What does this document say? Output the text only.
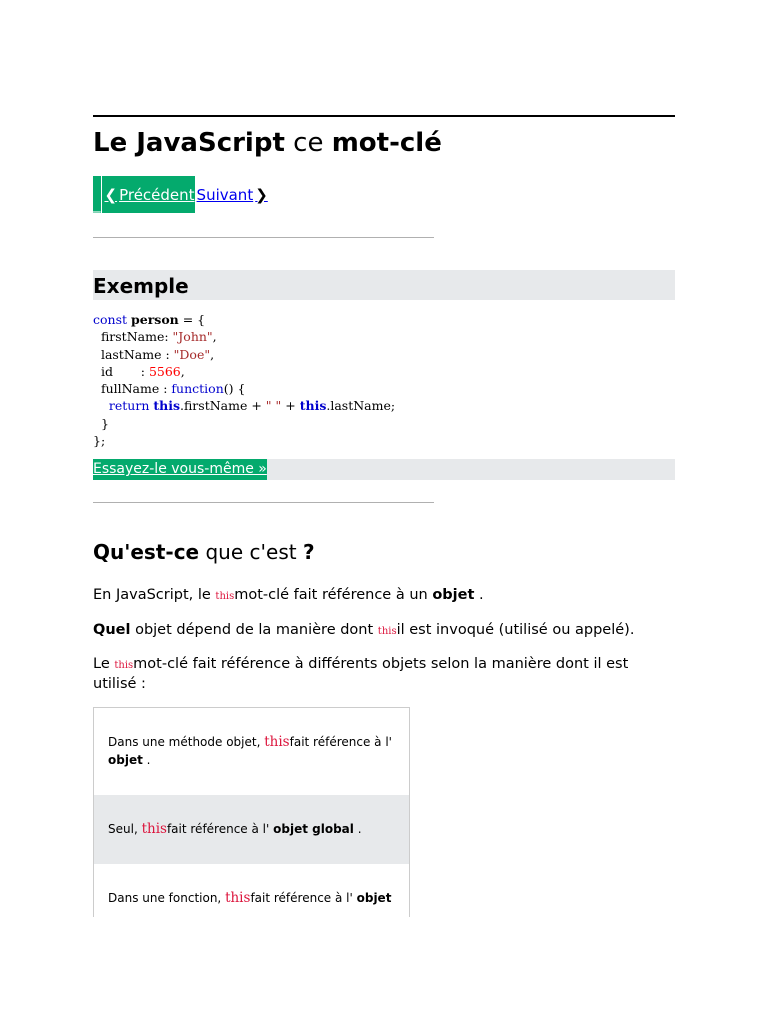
Le JavaScript ce mot-clé
_
❮ Précédent Suivant ❯
Exemple
const person = {
firstName: "John",
lastName : "Doe",
id       : 5566,
fullName : function() {
return this.firstName + " " + this.lastName;
}
};
Essayez-le vous-même »
Qu'est-ce que c'est ?

En JavaScript, le thismot-clé fait référence à un objet .

Quel objet dépend de la manière dont thisil est invoqué (utilisé ou appelé).

Le thismot-clé fait référence à différents objets selon la manière dont il est utilisé :

Dans une méthode objet, thisfait référence à l' objet .
Seul, thisfait référence à l' objet global .
Dans une fonction, thisfait référence à l' objet
